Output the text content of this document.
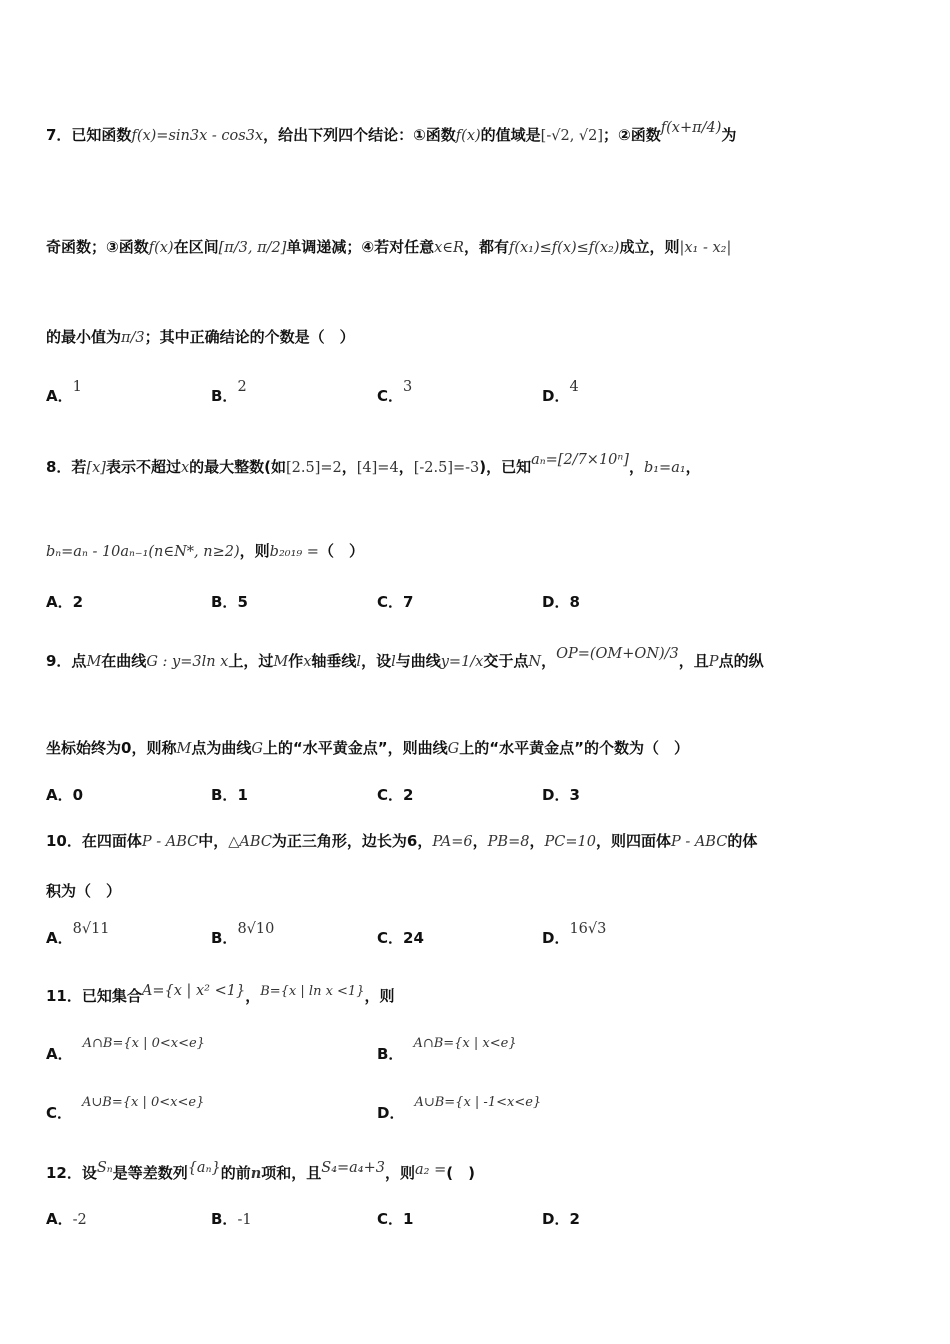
7．已知函数f(x)=sin3x - cos3x，给出下列四个结论：①函数f(x)的值域是[-√2, √2]；②函数f(x+π/4)为
奇函数；③函数f(x)在区间[π/3, π/2]单调递减；④若对任意x∈R，都有f(x₁)≤f(x)≤f(x₂)成立，则|x₁ - x₂|
的最小值为π/3；其中正确结论的个数是（　）
A．1	B．2	C．3	D．4
8．若[x]表示不超过x的最大整数(如[2.5]=2，[4]=4，[-2.5]=-3)，已知aₙ=[2/7×10ⁿ]，b₁=a₁，
bₙ=aₙ - 10aₙ₋₁(n∈N*, n≥2)，则b₂₀₁₉ =（　）
A．2	B．5	C．7	D．8
9．点M在曲线G : y=3ln x上，过M作x轴垂线l，设l与曲线y=1/x交于点N，OP=(OM+ON)/3，且P点的纵
坐标始终为0，则称M点为曲线G上的“水平黄金点”，则曲线G上的“水平黄金点”的个数为（　）
A．0	B．1	C．2	D．3
10．在四面体P - ABC中，△ABC为正三角形，边长为6，PA=6，PB=8，PC=10，则四面体P - ABC的体
积为（　）
A．8√11	B．8√10	C．24	D．16√3
11．已知集合A={x | x² <1}，B={x | ln x <1}，则
A．A∩B={x | 0<x<e}
B．A∩B={x | x<e}
C．A∪B={x | 0<x<e}
D．A∪B={x | -1<x<e}
12．设Sₙ是等差数列{aₙ}的前n项和，且S₄=a₄+3，则a₂ =(　)
A．-2	B．-1	C．1	D．2
